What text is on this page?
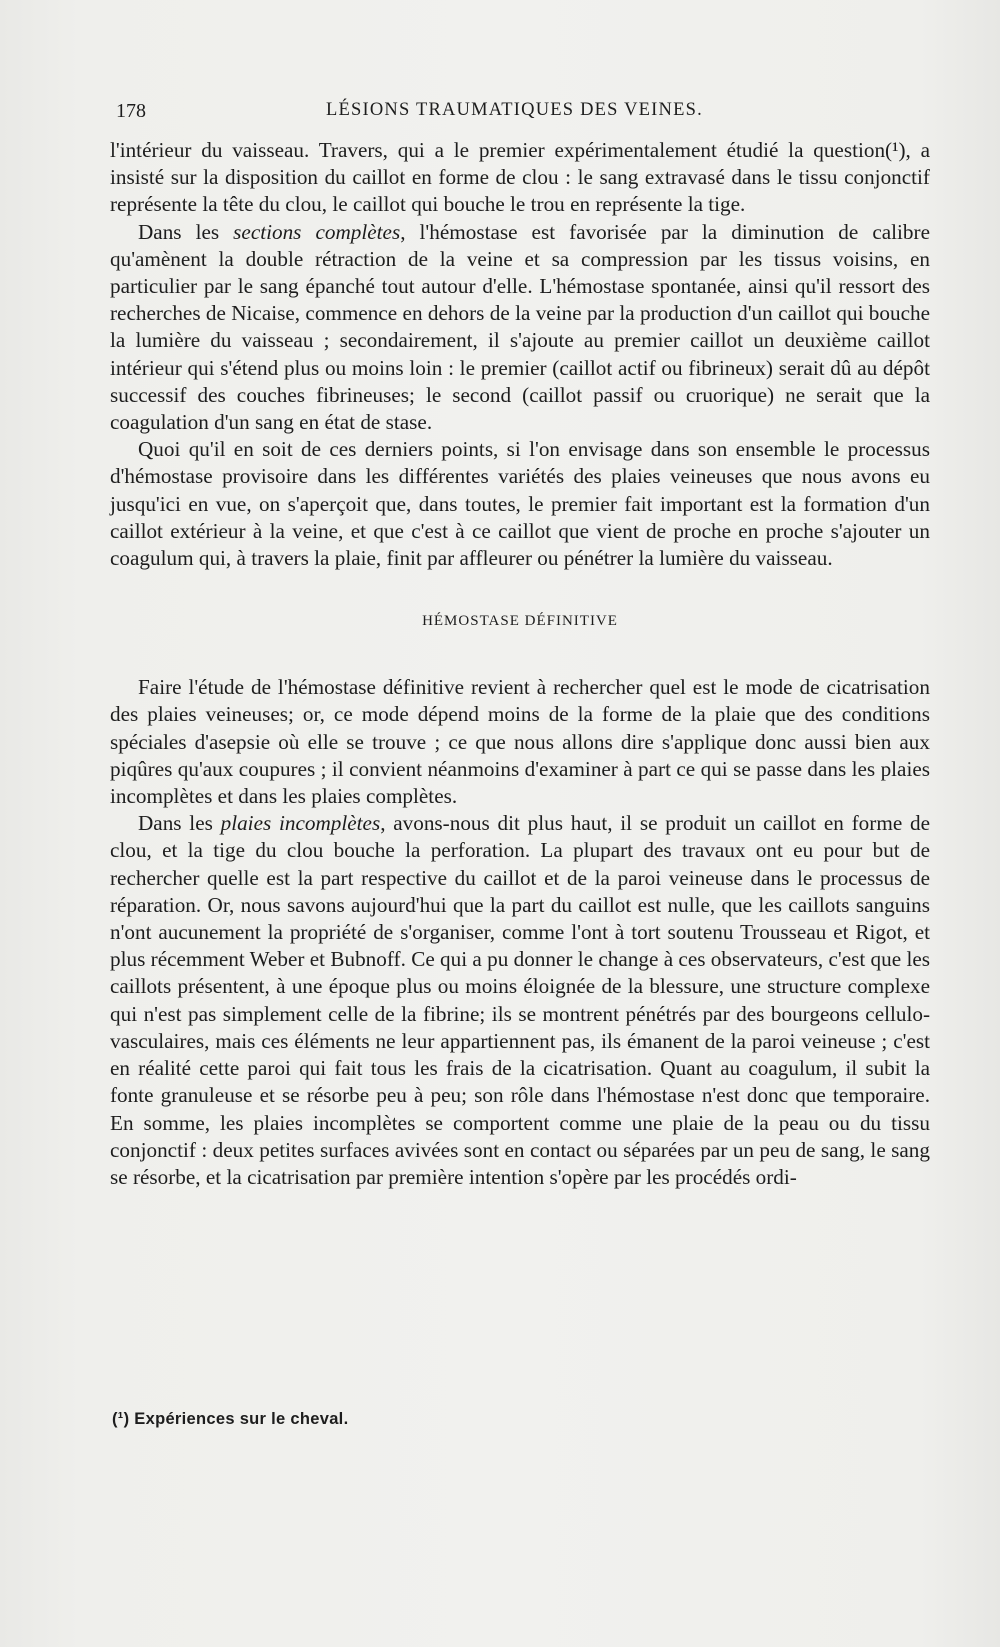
178	LÉSIONS TRAUMATIQUES DES VEINES.

l'intérieur du vaisseau. Travers, qui a le premier expérimentalement étudié la question(¹), a insisté sur la disposition du caillot en forme de clou : le sang extravasé dans le tissu conjonctif représente la tête du clou, le caillot qui bouche le trou en représente la tige.

Dans les sections complètes, l'hémostase est favorisée par la diminution de calibre qu'amènent la double rétraction de la veine et sa compression par les tissus voisins, en particulier par le sang épanché tout autour d'elle. L'hémostase spontanée, ainsi qu'il ressort des recherches de Nicaise, commence en dehors de la veine par la production d'un caillot qui bouche la lumière du vaisseau ; secondairement, il s'ajoute au premier caillot un deuxième caillot intérieur qui s'étend plus ou moins loin : le premier (caillot actif ou fibrineux) serait dû au dépôt successif des couches fibrineuses; le second (caillot passif ou cruorique) ne serait que la coagulation d'un sang en état de stase.

Quoi qu'il en soit de ces derniers points, si l'on envisage dans son ensemble le processus d'hémostase provisoire dans les différentes variétés des plaies veineuses que nous avons eu jusqu'ici en vue, on s'aperçoit que, dans toutes, le premier fait important est la formation d'un caillot extérieur à la veine, et que c'est à ce caillot que vient de proche en proche s'ajouter un coagulum qui, à travers la plaie, finit par affleurer ou pénétrer la lumière du vaisseau.

HÉMOSTASE DÉFINITIVE

Faire l'étude de l'hémostase définitive revient à rechercher quel est le mode de cicatrisation des plaies veineuses; or, ce mode dépend moins de la forme de la plaie que des conditions spéciales d'asepsie où elle se trouve ; ce que nous allons dire s'applique donc aussi bien aux piqûres qu'aux coupures ; il convient néanmoins d'examiner à part ce qui se passe dans les plaies incomplètes et dans les plaies complètes.

Dans les plaies incomplètes, avons-nous dit plus haut, il se produit un caillot en forme de clou, et la tige du clou bouche la perforation. La plupart des travaux ont eu pour but de rechercher quelle est la part respective du caillot et de la paroi veineuse dans le processus de réparation. Or, nous savons aujourd'hui que la part du caillot est nulle, que les caillots sanguins n'ont aucunement la propriété de s'organiser, comme l'ont à tort soutenu Trousseau et Rigot, et plus récemment Weber et Bubnoff. Ce qui a pu donner le change à ces observateurs, c'est que les caillots présentent, à une époque plus ou moins éloignée de la blessure, une structure complexe qui n'est pas simplement celle de la fibrine; ils se montrent pénétrés par des bourgeons cellulo-vasculaires, mais ces éléments ne leur appartiennent pas, ils émanent de la paroi veineuse ; c'est en réalité cette paroi qui fait tous les frais de la cicatrisation. Quant au coagulum, il subit la fonte granuleuse et se résorbe peu à peu; son rôle dans l'hémostase n'est donc que temporaire. En somme, les plaies incomplètes se comportent comme une plaie de la peau ou du tissu conjonctif : deux petites surfaces avivées sont en contact ou séparées par un peu de sang, le sang se résorbe, et la cicatrisation par première intention s'opère par les procédés ordi-

(¹) Expériences sur le cheval.
